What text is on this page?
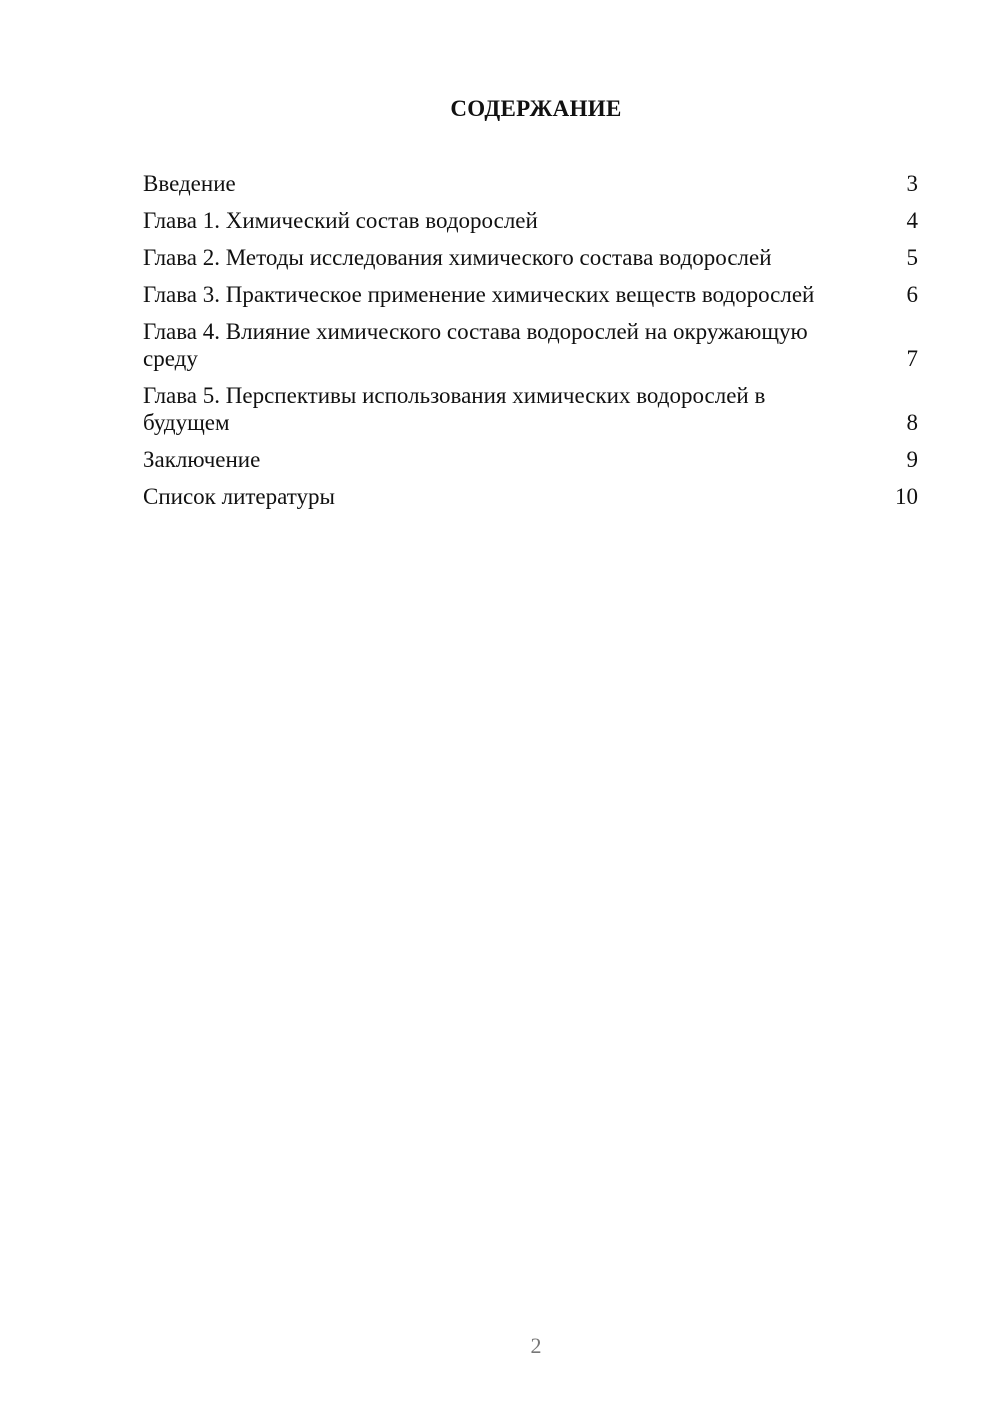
СОДЕРЖАНИЕ
Введение	3
Глава 1. Химический состав водорослей	4
Глава 2. Методы исследования химического состава водорослей	5
Глава 3. Практическое применение химических веществ водорослей	6
Глава 4. Влияние химического состава водорослей на окружающую среду	7
Глава 5. Перспективы использования химических водорослей в будущем	8
Заключение	9
Список литературы	10
2
